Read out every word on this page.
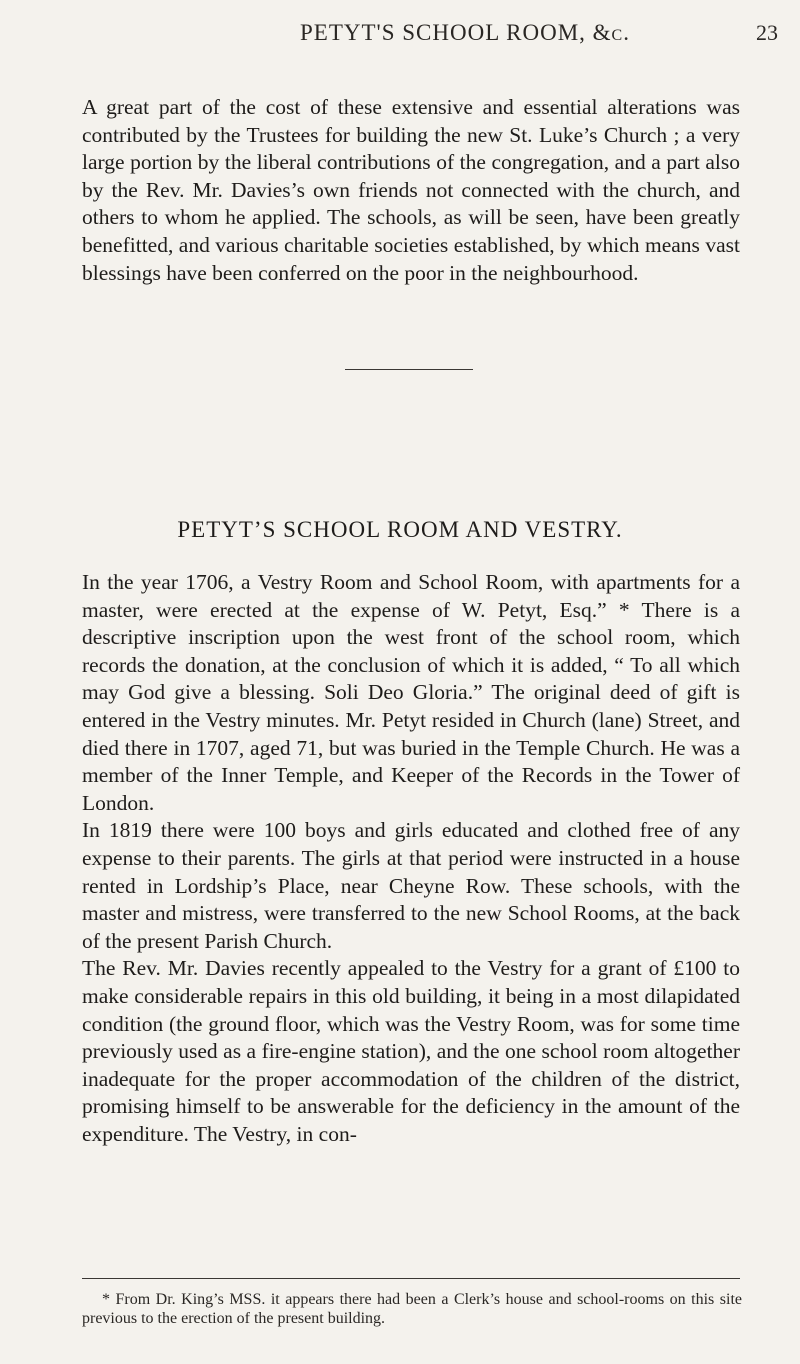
PETYT'S SCHOOL ROOM, &c.	23

A great part of the cost of these extensive and essential alterations was contributed by the Trustees for building the new St. Luke’s Church ; a very large portion by the liberal contributions of the congregation, and a part also by the Rev. Mr. Davies’s own friends not connected with the church, and others to whom he applied. The schools, as will be seen, have been greatly benefitted, and various charitable societies established, by which means vast blessings have been conferred on the poor in the neighbourhood.

PETYT’S SCHOOL ROOM AND VESTRY.

In the year 1706, a Vestry Room and School Room, with apartments for a master, were erected at the expense of W. Petyt, Esq.” * There is a descriptive inscription upon the west front of the school room, which records the donation, at the conclusion of which it is added, “ To all which may God give a blessing. Soli Deo Gloria.” The original deed of gift is entered in the Vestry minutes. Mr. Petyt resided in Church (lane) Street, and died there in 1707, aged 71, but was buried in the Temple Church. He was a member of the Inner Temple, and Keeper of the Records in the Tower of London.

In 1819 there were 100 boys and girls educated and clothed free of any expense to their parents. The girls at that period were instructed in a house rented in Lordship’s Place, near Cheyne Row. These schools, with the master and mistress, were transferred to the new School Rooms, at the back of the present Parish Church.

The Rev. Mr. Davies recently appealed to the Vestry for a grant of £100 to make considerable repairs in this old building, it being in a most dilapidated condition (the ground floor, which was the Vestry Room, was for some time previously used as a fire-engine station), and the one school room altogether inadequate for the proper accommodation of the children of the district, promising himself to be answerable for the deficiency in the amount of the expenditure. The Vestry, in con-

* From Dr. King’s MSS. it appears there had been a Clerk’s house and school-rooms on this site previous to the erection of the present building.
